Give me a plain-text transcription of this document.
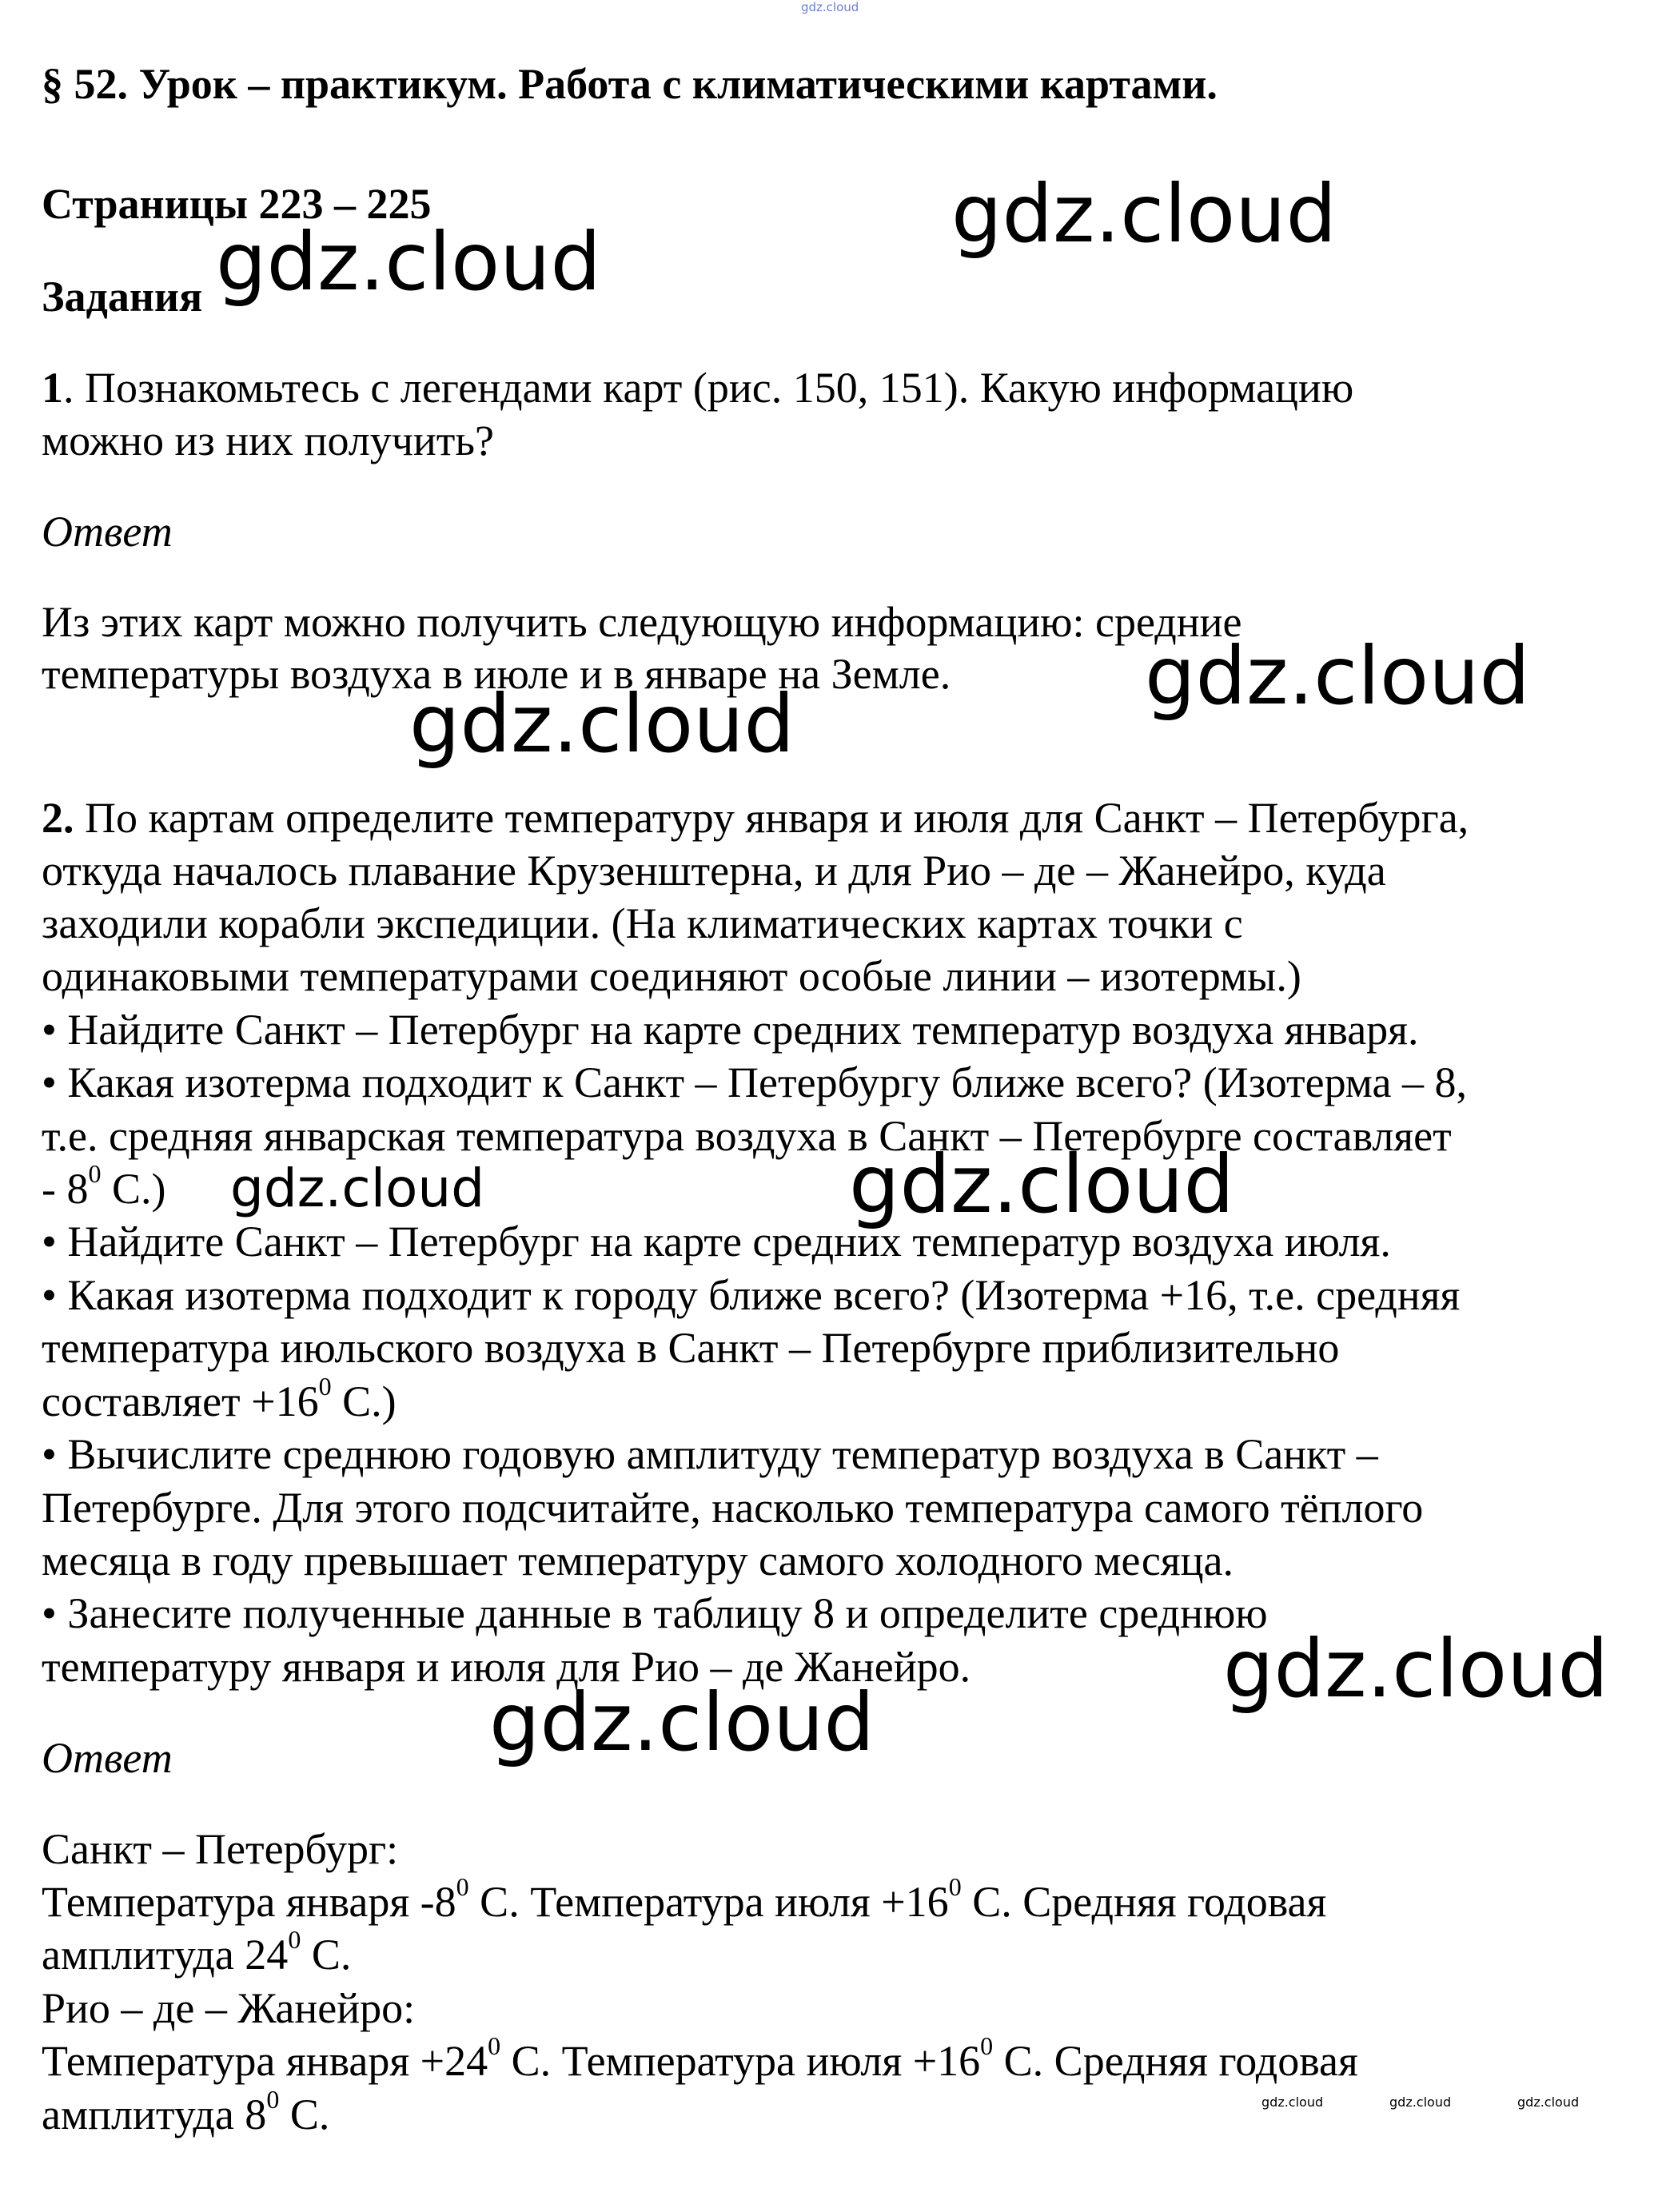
gdz.cloud
§ 52. Урок – практикум. Работа с климатическими картами.
Страницы 223 – 225
Задания
1. Познакомьтесь с легендами карт (рис. 150, 151). Какую информацию
можно из них получить?
Ответ
Из этих карт можно получить следующую информацию: средние
температуры воздуха в июле и в январе на Земле.
2. По картам определите температуру января и июля для Санкт – Петербурга,
откуда началось плавание Крузенштерна, и для Рио – де – Жанейро, куда
заходили корабли экспедиции. (На климатических картах точки с
одинаковыми температурами соединяют особые линии – изотермы.)
• Найдите Санкт – Петербург на карте средних температур воздуха января.
• Какая изотерма подходит к Санкт – Петербургу ближе всего? (Изотерма – 8,
т.е. средняя январская температура воздуха в Санкт – Петербурге составляет
- $8^0$ С.)
• Найдите Санкт – Петербург на карте средних температур воздуха июля.
• Какая изотерма подходит к городу ближе всего? (Изотерма +16, т.е. средняя
температура июльского воздуха в Санкт – Петербурге приблизительно
составляет $+16^0$ С.)
• Вычислите среднюю годовую амплитуду температур воздуха в Санкт –
Петербурге. Для этого подсчитайте, насколько температура самого тёплого
месяца в году превышает температуру самого холодного месяца.
• Занесите полученные данные в таблицу 8 и определите среднюю
температуру января и июля для Рио – де Жанейро.
Ответ
Санкт – Петербург:
Температура января $-8^0$ С. Температура июля $+16^0$ С. Средняя годовая
амплитуда $24^0$ С.
Рио – де – Жанейро:
Температура января $+24^0$ С. Температура июля $+16^0$ С. Средняя годовая
амплитуда $8^0$ С.
gdz.cloud
gdz.cloud
gdz.cloud
gdz.cloud
gdz.cloud	gdz.cloud
gdz.cloud
gdz.cloud
gdz.cloud	gdz.cloud	gdz.cloud
